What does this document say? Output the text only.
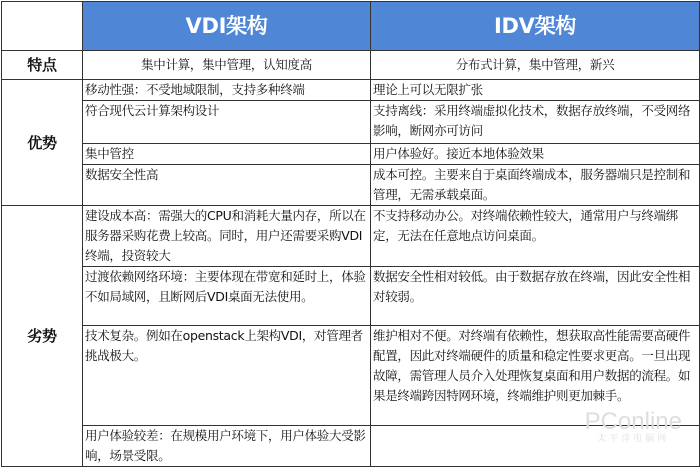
	VDI架构	IDV架构
特点	集中计算，集中管理，认知度高	分布式计算，集中管理，新兴
优势	移动性强：不受地域限制，支持多种终端	理论上可以无限扩张
	符合现代云计算架构设计	支持离线：采用终端虚拟化技术，数据存放终端，不受网络影响，断网亦可访问
	集中管控	用户体验好。接近本地体验效果
	数据安全性高	成本可控。主要来自于桌面终端成本，服务器端只是控制和管理，无需承载桌面。
劣势	建设成本高：需强大的CPU和消耗大量内存，所以在服务器采购花费上较高。同时，用户还需要采购VDI终端，投资较大	不支持移动办公。对终端依赖性较大，通常用户与终端绑定，无法在任意地点访问桌面。
	过渡依赖网络环境：主要体现在带宽和延时上，体验不如局域网，且断网后VDI桌面无法使用。	数据安全性相对较低。由于数据存放在终端，因此安全性相对较弱。
	技术复杂。例如在openstack上架构VDI，对管理者挑战极大。	维护相对不便。对终端有依赖性，想获取高性能需要高硬件配置，因此对终端硬件的质量和稳定性要求更高。一旦出现故障，需管理人员介入处理恢复桌面和用户数据的流程。如果是终端跨因特网环境，终端维护则更加棘手。
	用户体验较差：在规模用户环境下，用户体验大受影响，场景受限。	
PConline
太平洋电脑网
